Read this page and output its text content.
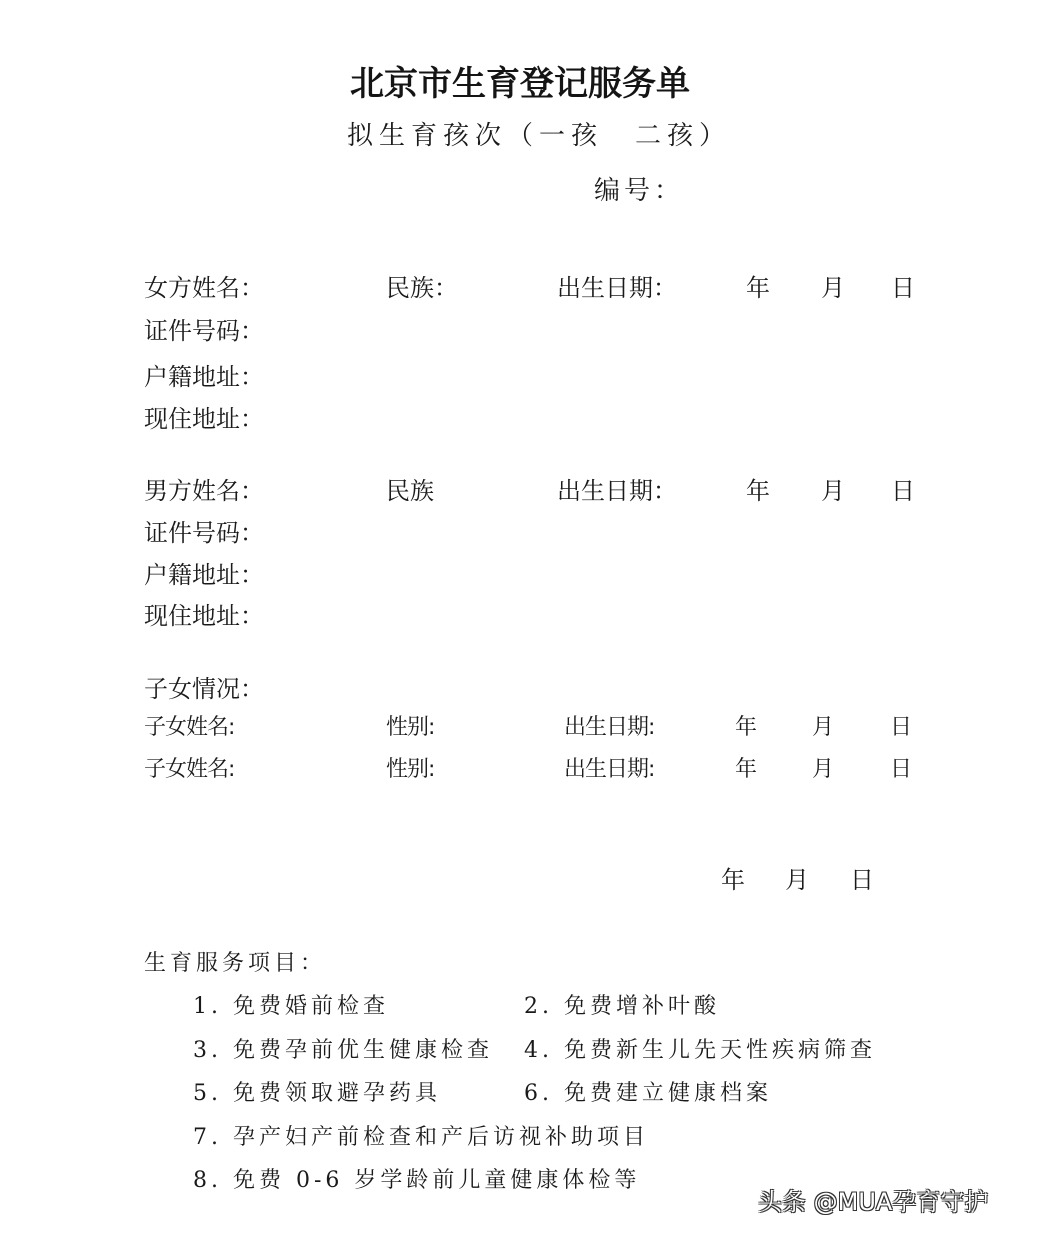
北京市生育登记服务单
拟生育孩次（一孩　二孩）
编号：
女方姓名：	民族：	出生日期：	年 月 日
证件号码：
户籍地址：
现住地址：
男方姓名：	民族	出生日期：	年 月 日
证件号码：
户籍地址：
现住地址：
子女情况：
子女姓名:	性别:	出生日期:	年	月	日
子女姓名:	性别:	出生日期:	年	月	日
年 月 日
生育服务项目：
1. 免费婚前检查	2. 免费增补叶酸
3. 免费孕前优生健康检查 4. 免费新生儿先天性疾病筛查
5. 免费领取避孕药具	6. 免费建立健康档案
7. 孕产妇产前检查和产后访视补助项目
8. 免费 0-6 岁学龄前儿童健康体检等
头条 @MUA孕育守护
